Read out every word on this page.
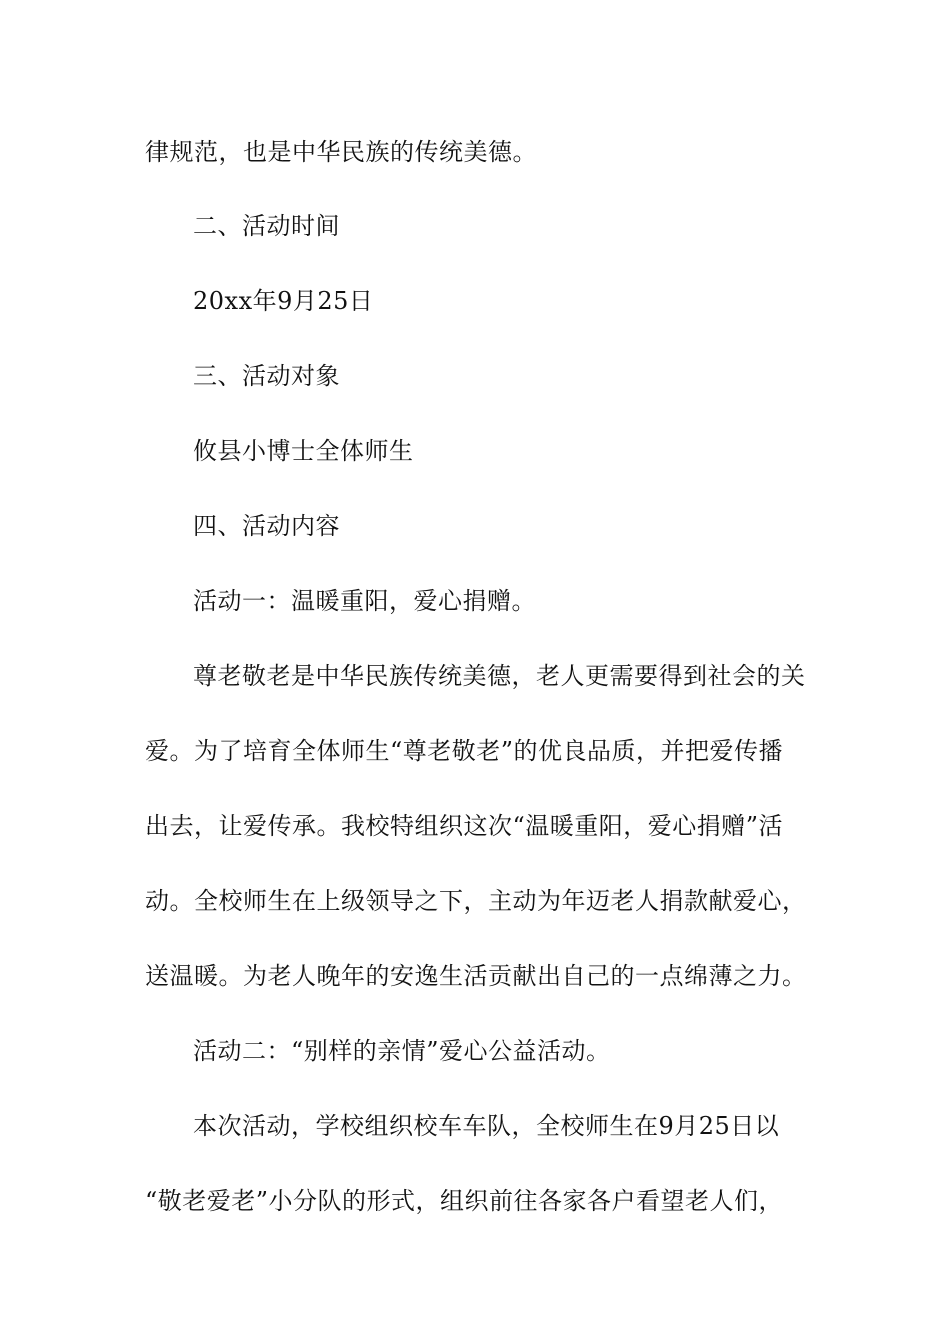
律规范，也是中华民族的传统美德。
二、活动时间
20xx年9月25日
三、活动对象
攸县小博士全体师生
四、活动内容
活动一：温暖重阳，爱心捐赠。
尊老敬老是中华民族传统美德，老人更需要得到社会的关
爱。为了培育全体师生“尊老敬老”的优良品质，并把爱传播
出去，让爱传承。我校特组织这次“温暖重阳，爱心捐赠”活
动。全校师生在上级领导之下，主动为年迈老人捐款献爱心，
送温暖。为老人晚年的安逸生活贡献出自己的一点绵薄之力。
活动二：“别样的亲情”爱心公益活动。
本次活动，学校组织校车车队，全校师生在9月25日以
“敬老爱老”小分队的形式，组织前往各家各户看望老人们，
